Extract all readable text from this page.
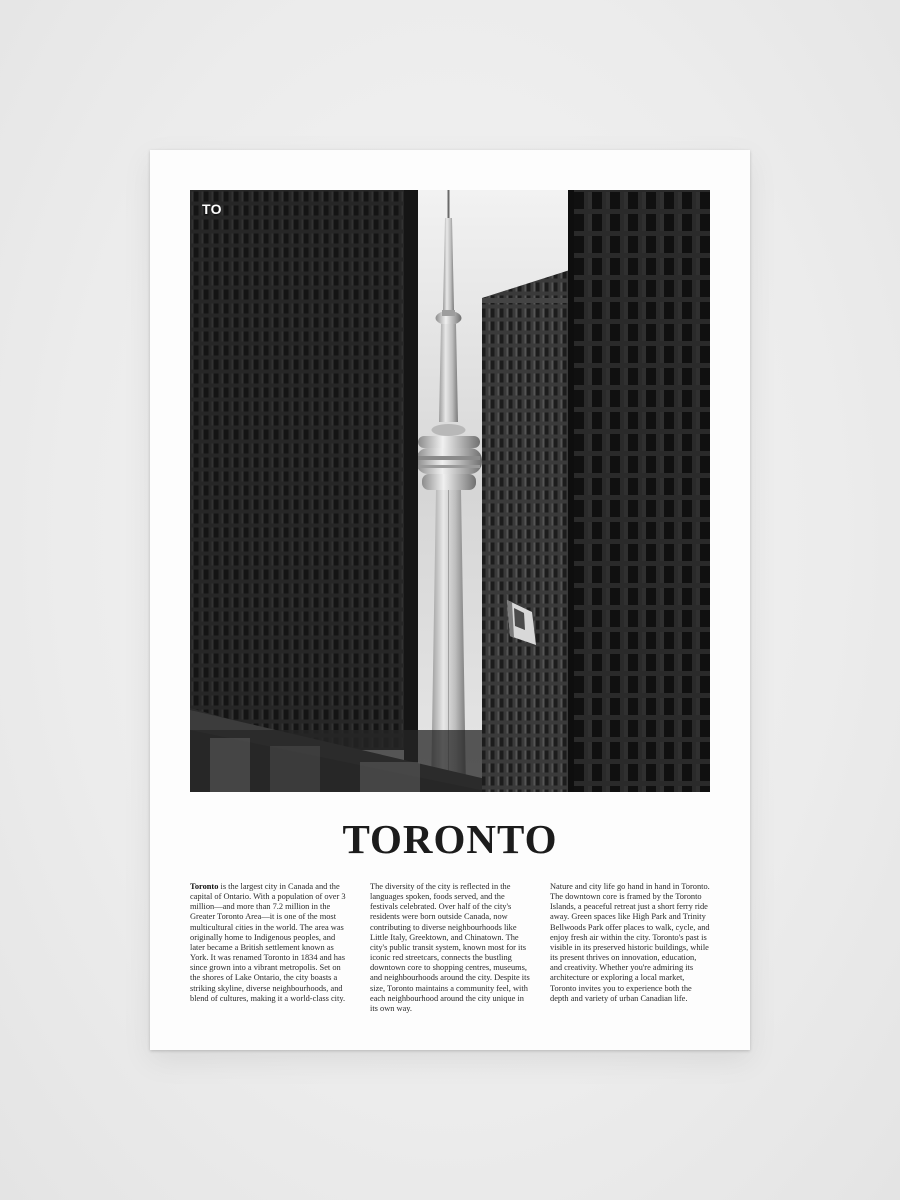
TO
TORONTO
Toronto is the largest city in Canada and the capital of Ontario. With a population of over 3 million—and more than 7.2 million in the Greater Toronto Area—it is one of the most multicultural cities in the world. The area was originally home to Indigenous peoples, and later became a British settlement known as York. It was renamed Toronto in 1834 and has since grown into a vibrant metropolis. Set on the shores of Lake Ontario, the city boasts a striking skyline, diverse neighbourhoods, and blend of cultures, making it a world-class city.
The diversity of the city is reflected in the languages spoken, foods served, and the festivals celebrated. Over half of the city's residents were born outside Canada, now contributing to diverse neighbourhoods like Little Italy, Greektown, and Chinatown. The city's public transit system, known most for its iconic red streetcars, connects the bustling downtown core to shopping centres, museums, and neighbourhoods around the city. Despite its size, Toronto maintains a community feel, with each neighbourhood around the city unique in its own way.
Nature and city life go hand in hand in Toronto. The downtown core is framed by the Toronto Islands, a peaceful retreat just a short ferry ride away. Green spaces like High Park and Trinity Bellwoods Park offer places to walk, cycle, and enjoy fresh air within the city. Toronto's past is visible in its preserved historic buildings, while its present thrives on innovation, education, and creativity. Whether you're admiring its architecture or exploring a local market, Toronto invites you to experience both the depth and variety of urban Canadian life.
